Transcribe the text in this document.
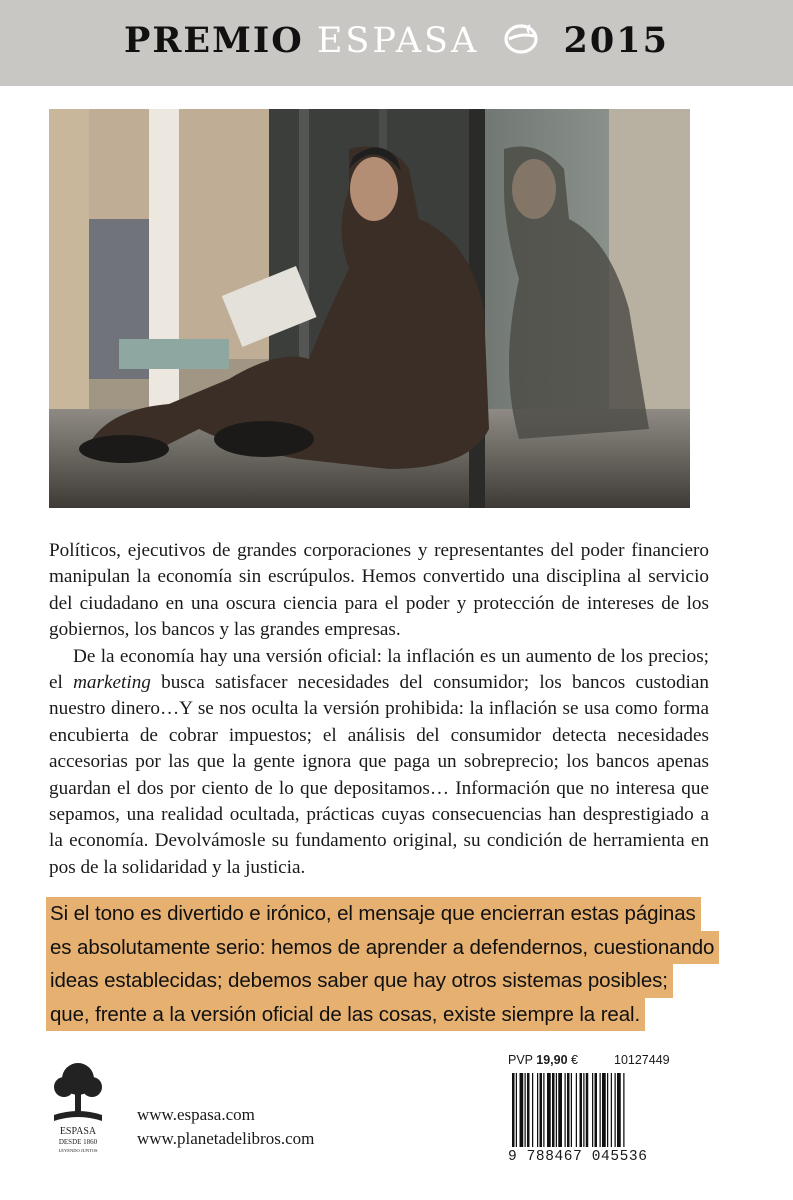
PREMIO ESPASA 2015

Políticos, ejecutivos de grandes corporaciones y representantes del poder financiero manipulan la economía sin escrúpulos. Hemos convertido una disciplina al servicio del ciudadano en una oscura ciencia para el poder y protección de intereses de los gobiernos, los bancos y las grandes empresas.

De la economía hay una versión oficial: la inflación es un aumento de los precios; el marketing busca satisfacer necesidades del consumidor; los bancos custodian nuestro dinero…Y se nos oculta la versión prohibida: la inflación se usa como forma encubierta de cobrar impuestos; el análisis del consumidor detecta necesidades accesorias por las que la gente ignora que paga un sobreprecio; los bancos apenas guardan el dos por ciento de lo que depositamos… Información que no interesa que sepamos, una realidad ocultada, prácticas cuyas consecuencias han desprestigiado a la economía. Devolvámosle su fundamento original, su condición de herramienta en pos de la solidaridad y la justicia.

Si el tono es divertido e irónico, el mensaje que encierran estas páginas
es absolutamente serio: hemos de aprender a defendernos, cuestionando
ideas establecidas; debemos saber que hay otros sistemas posibles;
que, frente a la versión oficial de las cosas, existe siempre la real.
ESPASA
DESDE 1860
LEYENDO JUNTOS
www.espasa.com
www.planetadelibros.com
PVP 19,90 €	10127449
9 788467 045536
